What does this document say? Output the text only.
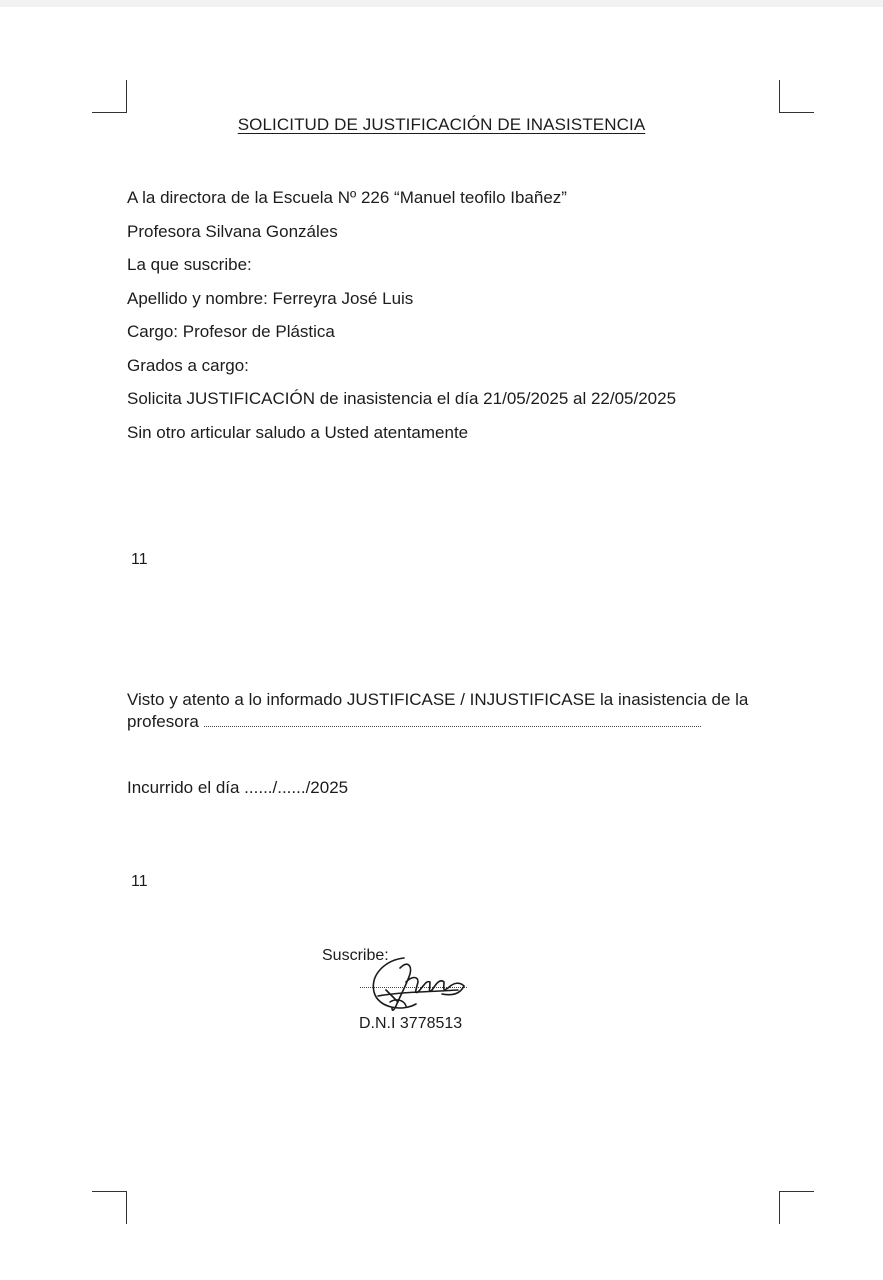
SOLICITUD DE JUSTIFICACIÓN DE INASISTENCIA
A la directora de la Escuela Nº 226 “Manuel teofilo Ibañez”
Profesora Silvana Gonzáles
La que suscribe:
Apellido y nombre: Ferreyra José Luis
Cargo: Profesor de Plástica
Grados a cargo:
Solicita JUSTIFICACIÓN de inasistencia el día 21/05/2025 al 22/05/2025
Sin otro articular saludo a Usted atentamente
11
Visto y atento a lo informado JUSTIFICASE / INJUSTIFICASE la inasistencia de la profesora
Incurrido el día ....../....../2025
11
Suscribe:
D.N.I 3778513
